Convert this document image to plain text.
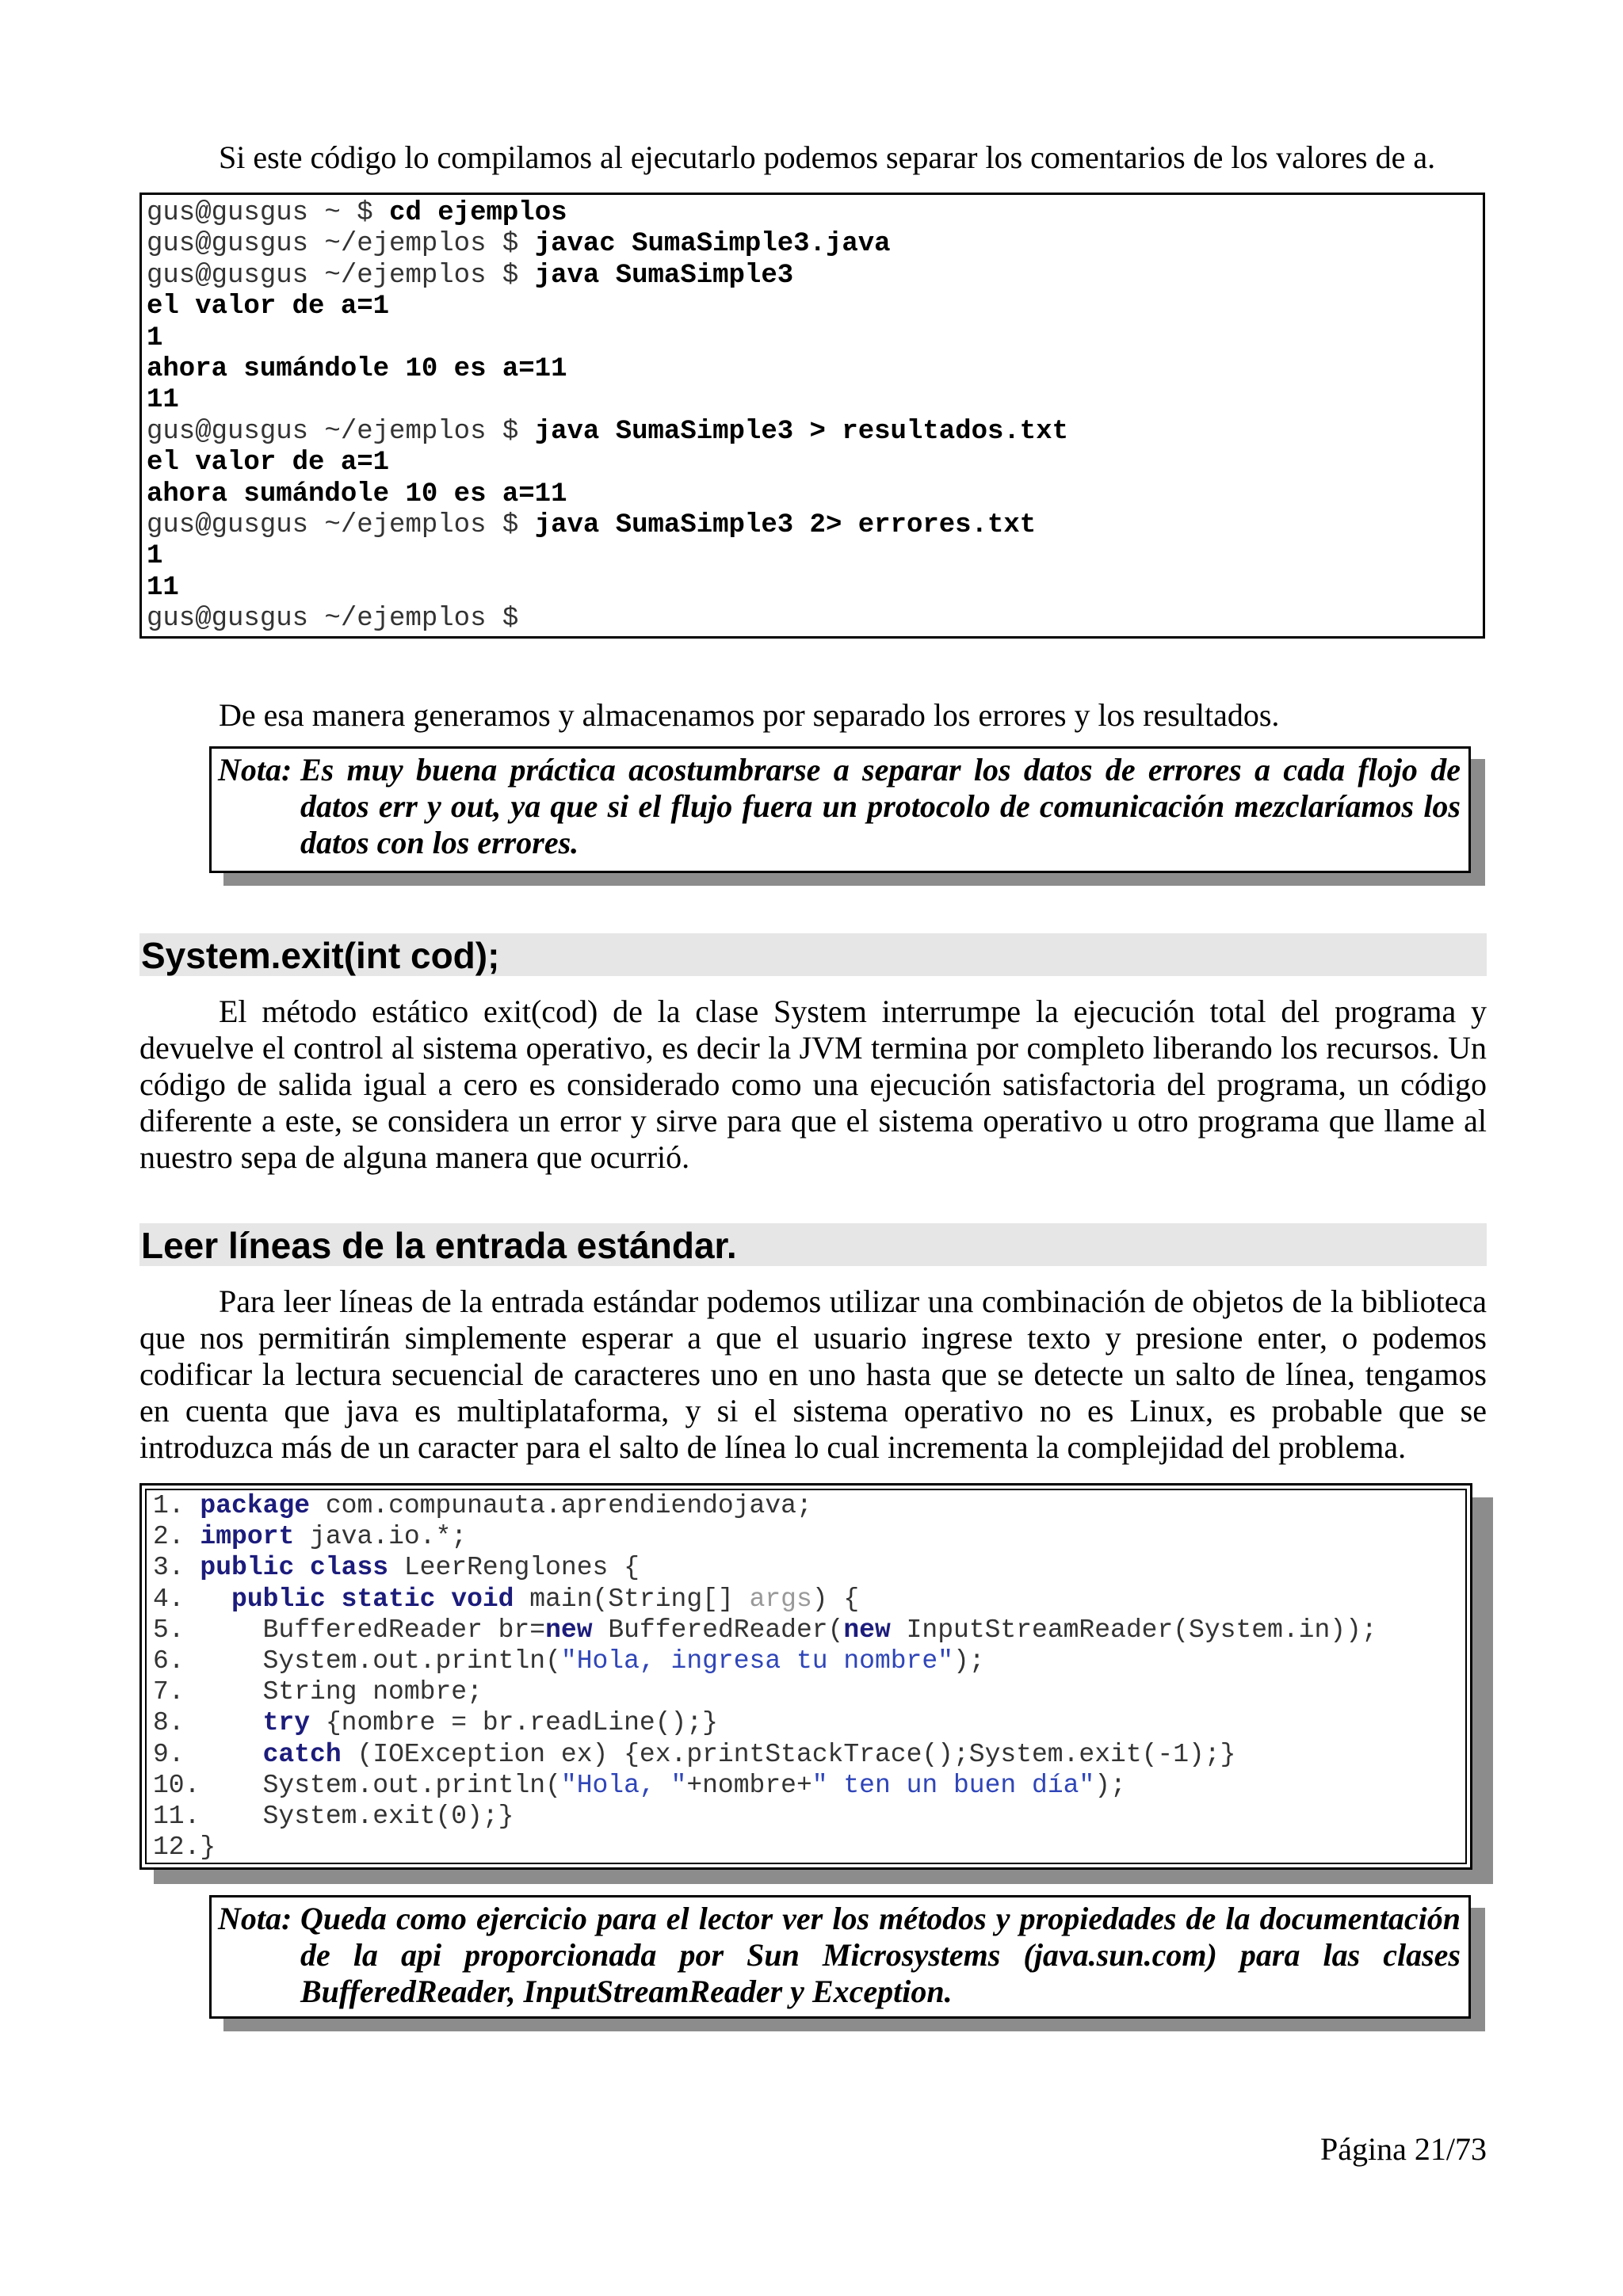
Si este código lo compilamos al ejecutarlo podemos separar los comentarios de los valores de a.

gus@gusgus ~ $ cd ejemplos
gus@gusgus ~/ejemplos $ javac SumaSimple3.java
gus@gusgus ~/ejemplos $ java SumaSimple3
el valor de a=1
1
ahora sumándole 10 es a=11
11
gus@gusgus ~/ejemplos $ java SumaSimple3 > resultados.txt
el valor de a=1
ahora sumándole 10 es a=11
gus@gusgus ~/ejemplos $ java SumaSimple3 2> errores.txt
1
11
gus@gusgus ~/ejemplos $

De esa manera generamos y almacenamos por separado los errores y los resultados.

Nota: Es muy buena práctica acostumbrarse a separar los datos de errores a cada flojo de datos err y out, ya que si el flujo fuera un protocolo de comunicación mezclaríamos los datos con los errores.
System.exit(int cod);

El método estático exit(cod) de la clase System interrumpe la ejecución total del programa y devuelve el control al sistema operativo, es decir la JVM termina por completo liberando los recursos. Un código de salida igual a cero es considerado como una ejecución satisfactoria del programa, un código diferente a este, se considera un error y sirve para que el sistema operativo u otro programa que llame al nuestro sepa de alguna manera que ocurrió.

Leer líneas de la entrada estándar.

Para leer líneas de la entrada estándar podemos utilizar una combinación de objetos de la biblioteca que nos permitirán simplemente esperar a que el usuario ingrese texto y presione enter, o podemos codificar la lectura secuencial de caracteres uno en uno hasta que se detecte un salto de línea, tengamos en cuenta que java es multiplataforma, y si el sistema operativo no es Linux, es probable que se introduzca más de un caracter para el salto de línea lo cual incrementa la complejidad del problema.

1. package com.compunauta.aprendiendojava;
2. import java.io.*;
3. public class LeerRenglones {
4.   public static void main(String[] args) {
5.     BufferedReader br=new BufferedReader(new InputStreamReader(System.in));
6.     System.out.println("Hola, ingresa tu nombre");
7.     String nombre;
8.     try {nombre = br.readLine();}
9.     catch (IOException ex) {ex.printStackTrace();System.exit(-1);}
10.    System.out.println("Hola, "+nombre+" ten un buen día");
11.    System.exit(0);}
12.}
Nota: Queda como ejercicio para el lector ver los métodos y propiedades de la documentación de la api proporcionada por Sun Microsystems (java.sun.com) para las clases BufferedReader, InputStreamReader y Exception.
Página 21/73
